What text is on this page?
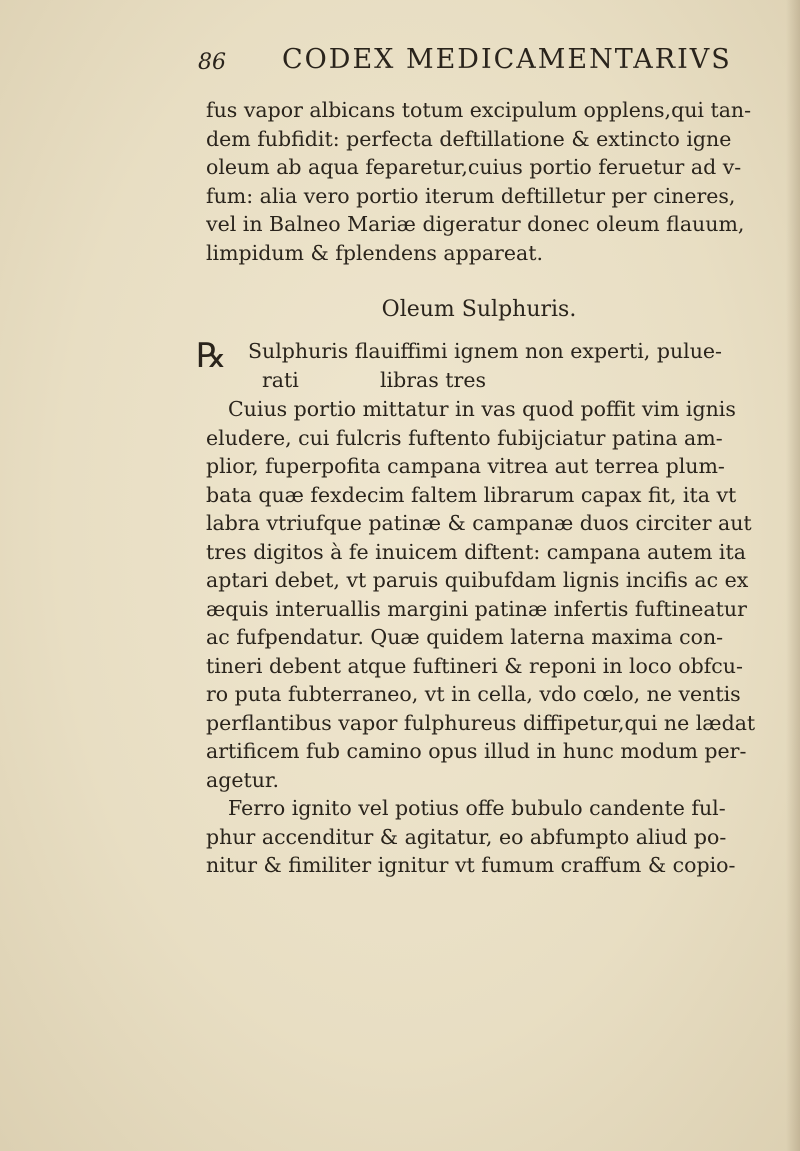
86 CODEX MEDICAMENTARIVS
fus vapor albicans totum excipulum opplens,qui tan-
dem fubfidit: perfecta deftillatione & extincto igne
oleum ab aqua feparetur,cuius portio feruetur ad v-
fum: alia vero portio iterum deftilletur per cineres,
vel in Balneo Mariæ digeratur donec oleum flauum,
limpidum & fplendens appareat.
Oleum Sulphuris.
℞ Sulphuris flauiffimi ignem non experti, pulue-
rati	libras tres
Cuius portio mittatur in vas quod poffit vim ignis
eludere, cui fulcris fuftento fubijciatur patina am-
plior, fuperpofita campana vitrea aut terrea plum-
bata quæ fexdecim faltem librarum capax fit, ita vt
labra vtriufque patinæ & campanæ duos circiter aut
tres digitos à fe inuicem diftent: campana autem ita
aptari debet, vt paruis quibufdam lignis incifis ac ex
æquis interuallis margini patinæ infertis fuftineatur
ac fufpendatur. Quæ quidem laterna maxima con-
tineri debent atque fuftineri & reponi in loco obfcu-
ro puta fubterraneo, vt in cella, vdo cœlo, ne ventis
perflantibus vapor fulphureus diffipetur,qui ne lædat
artificem fub camino opus illud in hunc modum per-
agetur.
Ferro ignito vel potius offe bubulo candente ful-
phur accenditur & agitatur, eo abfumpto aliud po-
nitur & fimiliter ignitur vt fumum craffum & copio-
